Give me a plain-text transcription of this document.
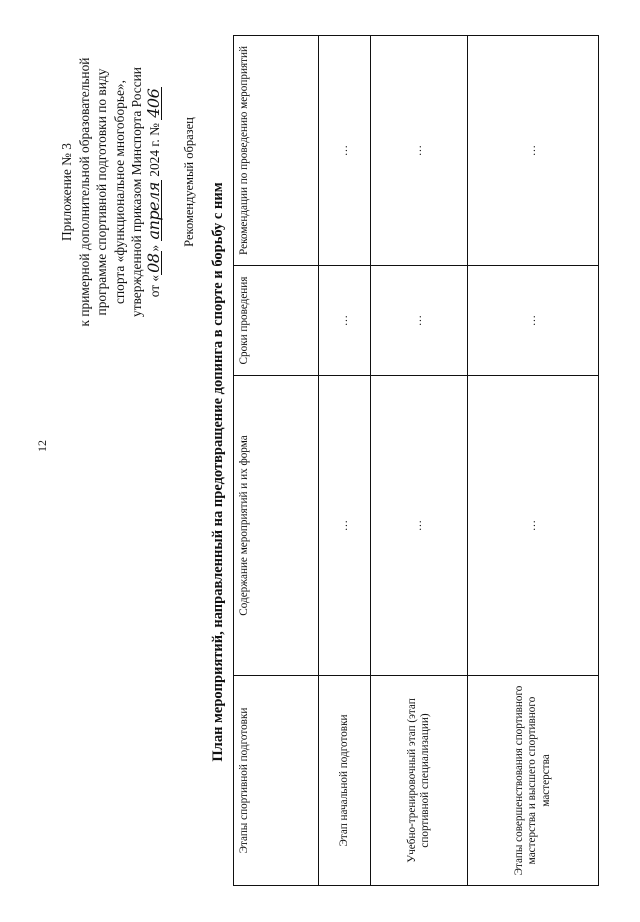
12
Приложение № 3 к примерной дополнительной образовательной программе спортивной подготовки по виду спорта «функциональное многоборье», утвержденной приказом Минспорта России от «08» апреля 2024 г. № 406
Рекомендуемый образец
План мероприятий, направленный на предотвращение допинга в спорте и борьбу с ним
Этапы спортивной подготовки	Содержание мероприятий и их форма	Сроки проведения	Рекомендации по проведению мероприятий
Этап начальной подготовки	…	…	…
Учебно-тренировочный этап (этап спортивной специализации)	…	…	…
Этапы совершенствования спортивного мастерства и высшего спортивного мастерства	…	…	…
